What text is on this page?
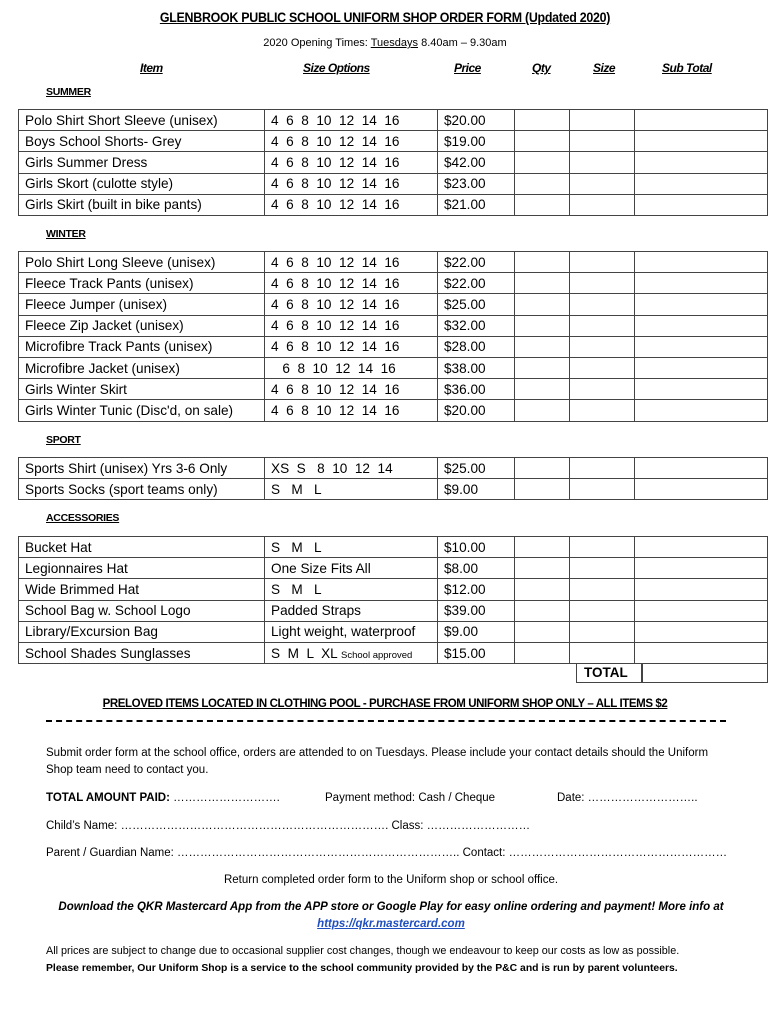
GLENBROOK PUBLIC SCHOOL UNIFORM SHOP ORDER FORM (Updated 2020)
2020 Opening Times: Tuesdays 8.40am – 9.30am
Item	Size Options	Price	Qty	Size	Sub Total
SUMMER
Polo Shirt Short Sleeve (unisex)	4  6  8  10  12  14  16	$20.00			
Boys School Shorts- Grey	4  6  8  10  12  14  16	$19.00			
Girls Summer Dress	4  6  8  10  12  14  16	$42.00			
Girls Skort (culotte style)	4  6  8  10  12  14  16	$23.00			
Girls Skirt (built in bike pants)	4  6  8  10  12  14  16	$21.00			
WINTER
Polo Shirt Long Sleeve (unisex)	4  6  8  10  12  14  16	$22.00			
Fleece Track Pants (unisex)	4  6  8  10  12  14  16	$22.00			
Fleece Jumper (unisex)	4  6  8  10  12  14  16	$25.00			
Fleece Zip Jacket (unisex)	4  6  8  10  12  14  16	$32.00			
Microfibre Track Pants (unisex)	4  6  8  10  12  14  16	$28.00			
Microfibre Jacket (unisex)	6  8  10  12  14  16	$38.00			
Girls Winter Skirt	4  6  8  10  12  14  16	$36.00			
Girls Winter Tunic (Disc'd, on sale)	4  6  8  10  12  14  16	$20.00			
SPORT
Sports Shirt (unisex) Yrs 3-6 Only	XS  S   8  10  12  14	$25.00			
Sports Socks (sport teams only)	S   M   L	$9.00			
ACCESSORIES
Bucket Hat	S   M   L	$10.00			
Legionnaires Hat	One Size Fits All	$8.00			
Wide Brimmed Hat	S   M   L	$12.00			
School Bag w. School Logo	Padded Straps	$39.00			
Library/Excursion Bag	Light weight, waterproof	$9.00			
School Shades Sunglasses	S  M  L  XL School approved	$15.00			
TOTAL
PRELOVED ITEMS LOCATED IN CLOTHING POOL - PURCHASE FROM UNIFORM SHOP ONLY – ALL ITEMS $2
Submit order form at the school office, orders are attended to on Tuesdays. Please include your contact details should the Uniform Shop team need to contact you.
TOTAL AMOUNT PAID: ……………………….	Payment method: Cash / Cheque	Date: ………………………..
Child’s Name: ……………………………………………………………. Class: ………………………
Parent / Guardian Name: ……………………………………………………………….. Contact: …………………………………………………
Return completed order form to the Uniform shop or school office.
Download the QKR Mastercard App from the APP store or Google Play for easy online ordering and payment! More info at https://qkr.mastercard.com
All prices are subject to change due to occasional supplier cost changes, though we endeavour to keep our costs as low as possible.
Please remember, Our Uniform Shop is a service to the school community provided by the P&C and is run by parent volunteers.
